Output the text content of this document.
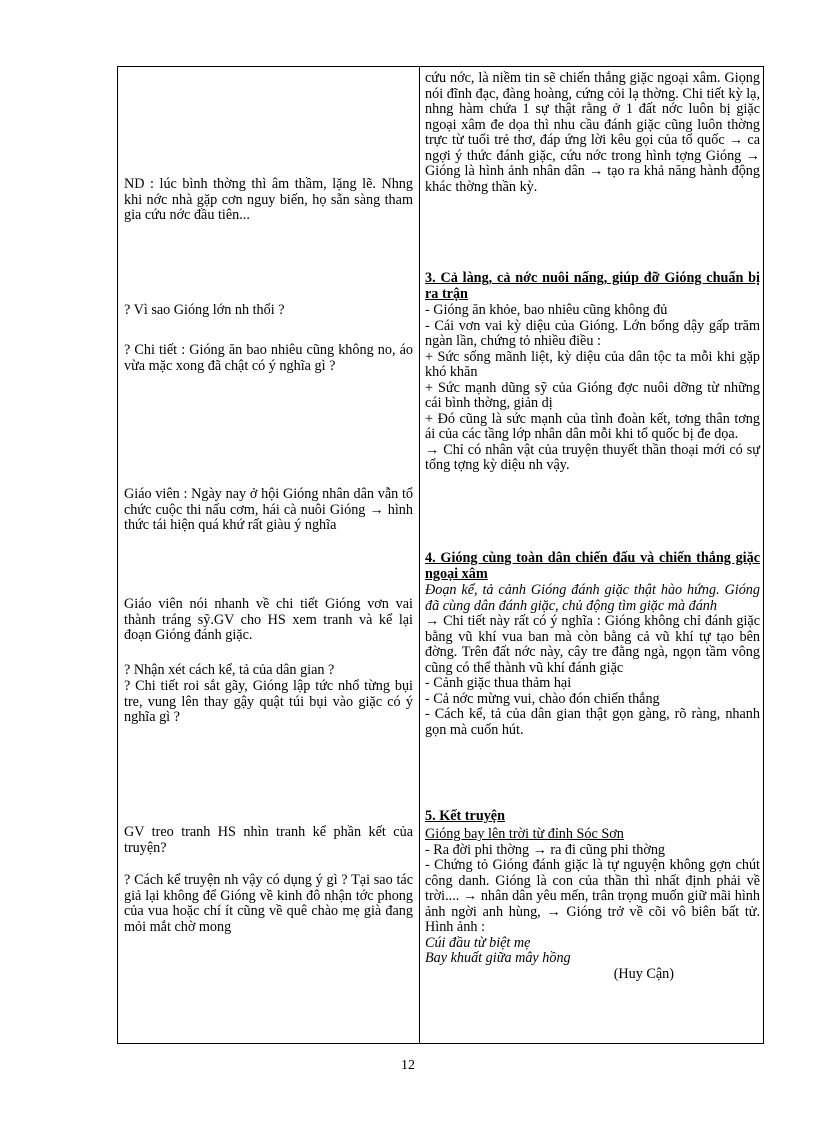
ND : lúc bình thờng thì âm thầm, lặng lẽ. Nhng khi nớc nhà gặp cơn nguy biến, họ sẵn sàng tham gia cứu nớc đầu tiên...
? Vì sao Gióng lớn nh thổi ?
? Chi tiết : Gióng ăn bao nhiêu cũng không no, áo vừa mặc xong đã chật có ý nghĩa gì ?
Giáo viên : Ngày nay ở hội Gióng nhân dân vẫn tổ chức cuộc thi nấu cơm, hái cà nuôi Gióng → hình thức tái hiện quá khứ rất giàu ý nghĩa
Giáo viên nói nhanh về chi tiết Gióng vơn vai thành tráng sỹ.GV cho HS xem tranh và kể lại đoạn Gióng đánh giặc.
? Nhận xét cách kể, tả của dân gian ?
? Chi tiết roi sắt gãy, Gióng lập tức nhổ từng bụi tre, vung lên thay gậy quật túi bụi vào giặc có ý nghĩa gì ?
GV treo tranh HS nhìn tranh kể phần kết của truyện?
? Cách kể truyện nh vậy có dụng ý gì ? Tại sao tác giả lại không để Gióng về kinh đô nhận tớc phong của vua hoặc chí ít cũng về quê chào mẹ già đang mỏi mắt chờ mong
cứu nớc, là niềm tin sẽ chiến thắng giặc ngoại xâm. Giọng nói đĩnh đạc, đàng hoàng, cứng cỏi lạ thờng. Chi tiết kỳ lạ, nhng hàm chứa 1 sự thật rằng ở 1 đất nớc luôn bị giặc ngoại xâm đe dọa thì nhu cầu đánh giặc cũng luôn thờng trực từ tuổi trẻ thơ, đáp ứng lời kêu gọi của tổ quốc → ca ngợi ý thức đánh giặc, cứu nớc trong hình tợng Gióng → Gióng là hình ảnh nhân dân → tạo ra khả năng hành động khác thờng thần kỳ.
3. Cả làng, cả nớc nuôi nấng, giúp đỡ Gióng chuẩn bị ra trận

- Gióng ăn khỏe, bao nhiêu cũng không đủ

- Cái vơn vai kỳ diệu của Gióng. Lớn bổng dậy gấp trăm ngàn lần, chứng tỏ nhiều điều :

+ Sức sống mãnh liệt, kỳ diệu của dân tộc ta mỗi khi gặp khó khăn

+ Sức mạnh dũng sỹ của Gióng đợc nuôi dỡng từ những cái bình thờng, giản dị

+ Đó cũng là sức mạnh của tình đoàn kết, tơng thân tơng ái của các tầng lớp nhân dân mỗi khi tổ quốc bị đe dọa.

→ Chỉ có nhân vật của truyện thuyết thần thoại mới có sự tổng tợng kỳ diệu nh vậy.

4. Gióng cùng toàn dân chiến đấu và chiến thắng giặc ngoại xâm

Đoạn kể, tả cảnh Gióng đánh giặc thật hào hứng. Gióng đã cùng dân đánh giặc, chủ động tìm giặc mà đánh

→ Chi tiết này rất có ý nghĩa : Gióng không chỉ đánh giặc bằng vũ khí vua ban mà còn bằng cả vũ khí tự tạo bên đờng. Trên đất nớc này, cây tre đằng ngà, ngọn tầm vông cũng có thể thành vũ khí đánh giặc

- Cảnh giặc thua thảm hại

- Cả nớc mừng vui, chào đón chiến thắng

- Cách kể, tả của dân gian thật gọn gàng, rõ ràng, nhanh gọn mà cuốn hút.

5. Kết truyện

Gióng bay lên trời từ đỉnh Sóc Sơn

- Ra đời phi thờng → ra đi cũng phi thờng

- Chứng tỏ Gióng đánh giặc là tự nguyện không gợn chút công danh. Gióng là con của thần thì nhất định phải về trời.... → nhân dân yêu mến, trân trọng muốn giữ mãi hình ảnh ngời anh hùng, → Gióng trở về cõi vô biên bất tử. Hình ảnh :

Cúi đầu từ biệt mẹ

Bay khuất giữa mây hồng

(Huy Cận)

12
